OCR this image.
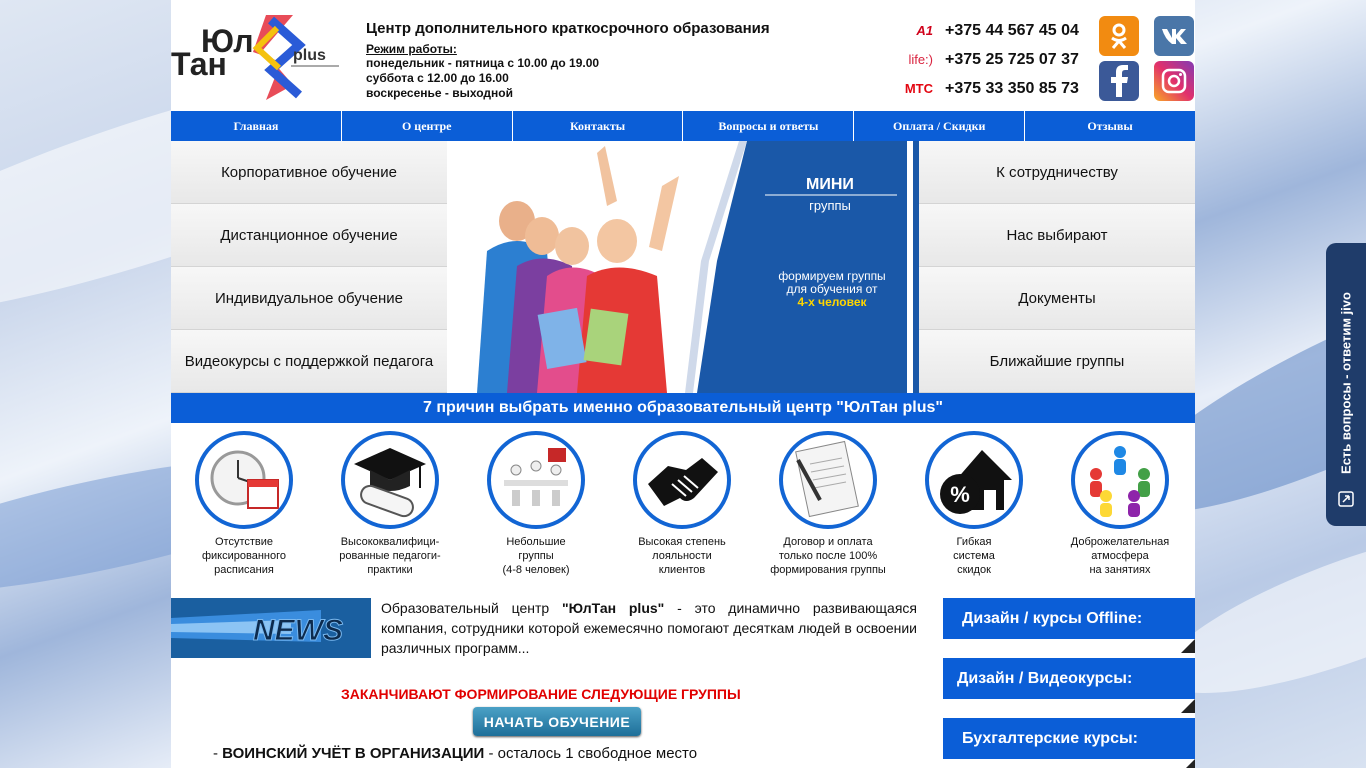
Юл
Тан	plus
Центр дополнительного краткосрочного образования
Режим работы:
понедельник - пятница с 10.00 до 19.00
суббота с 12.00 до 16.00
воскресенье - выходной
A1 +375 44 567 45 04
life:) +375 25 725 07 37
МТС +375 33 350 85 73
Главная	О центре	Контакты	Вопросы и ответы	Оплата / Скидки	Отзывы
Корпоративное обучение
Дистанционное обучение
Индивидуальное обучение
Видеокурсы с поддержкой педагога
МИНИ
группы
формируем группы
для обучения от
4-х человек
К сотрудничеству
Нас выбирают
Документы
Ближайшие группы
7 причин выбрать именно образовательный центр "ЮлТан plus"
Отсутствие
фиксированного
расписания
Высококвалифици-
рованные педагоги-
практики
Небольшие
группы
(4-8 человек)
Высокая степень
лояльности
клиентов
Договор и оплата
только после 100%
формирования группы
%
Гибкая
система
скидок
Доброжелательная
атмосфера
на занятиях
NEWS
Образовательный центр "ЮлТан plus" - это динамично развивающаяся компания, сотрудники которой ежемесячно помогают десяткам людей в освоении различных программ...
ЗАКАНЧИВАЮТ ФОРМИРОВАНИЕ СЛЕДУЮЩИЕ ГРУППЫ
НАЧАТЬ ОБУЧЕНИЕ
- ВОИНСКИЙ УЧЁТ В ОРГАНИЗАЦИИ - осталось 1 свободное место
Дизайн / курсы Offline:
Дизайн / Видеокурсы:
Бухгалтерские курсы:
Есть вопросы - ответим jivo
